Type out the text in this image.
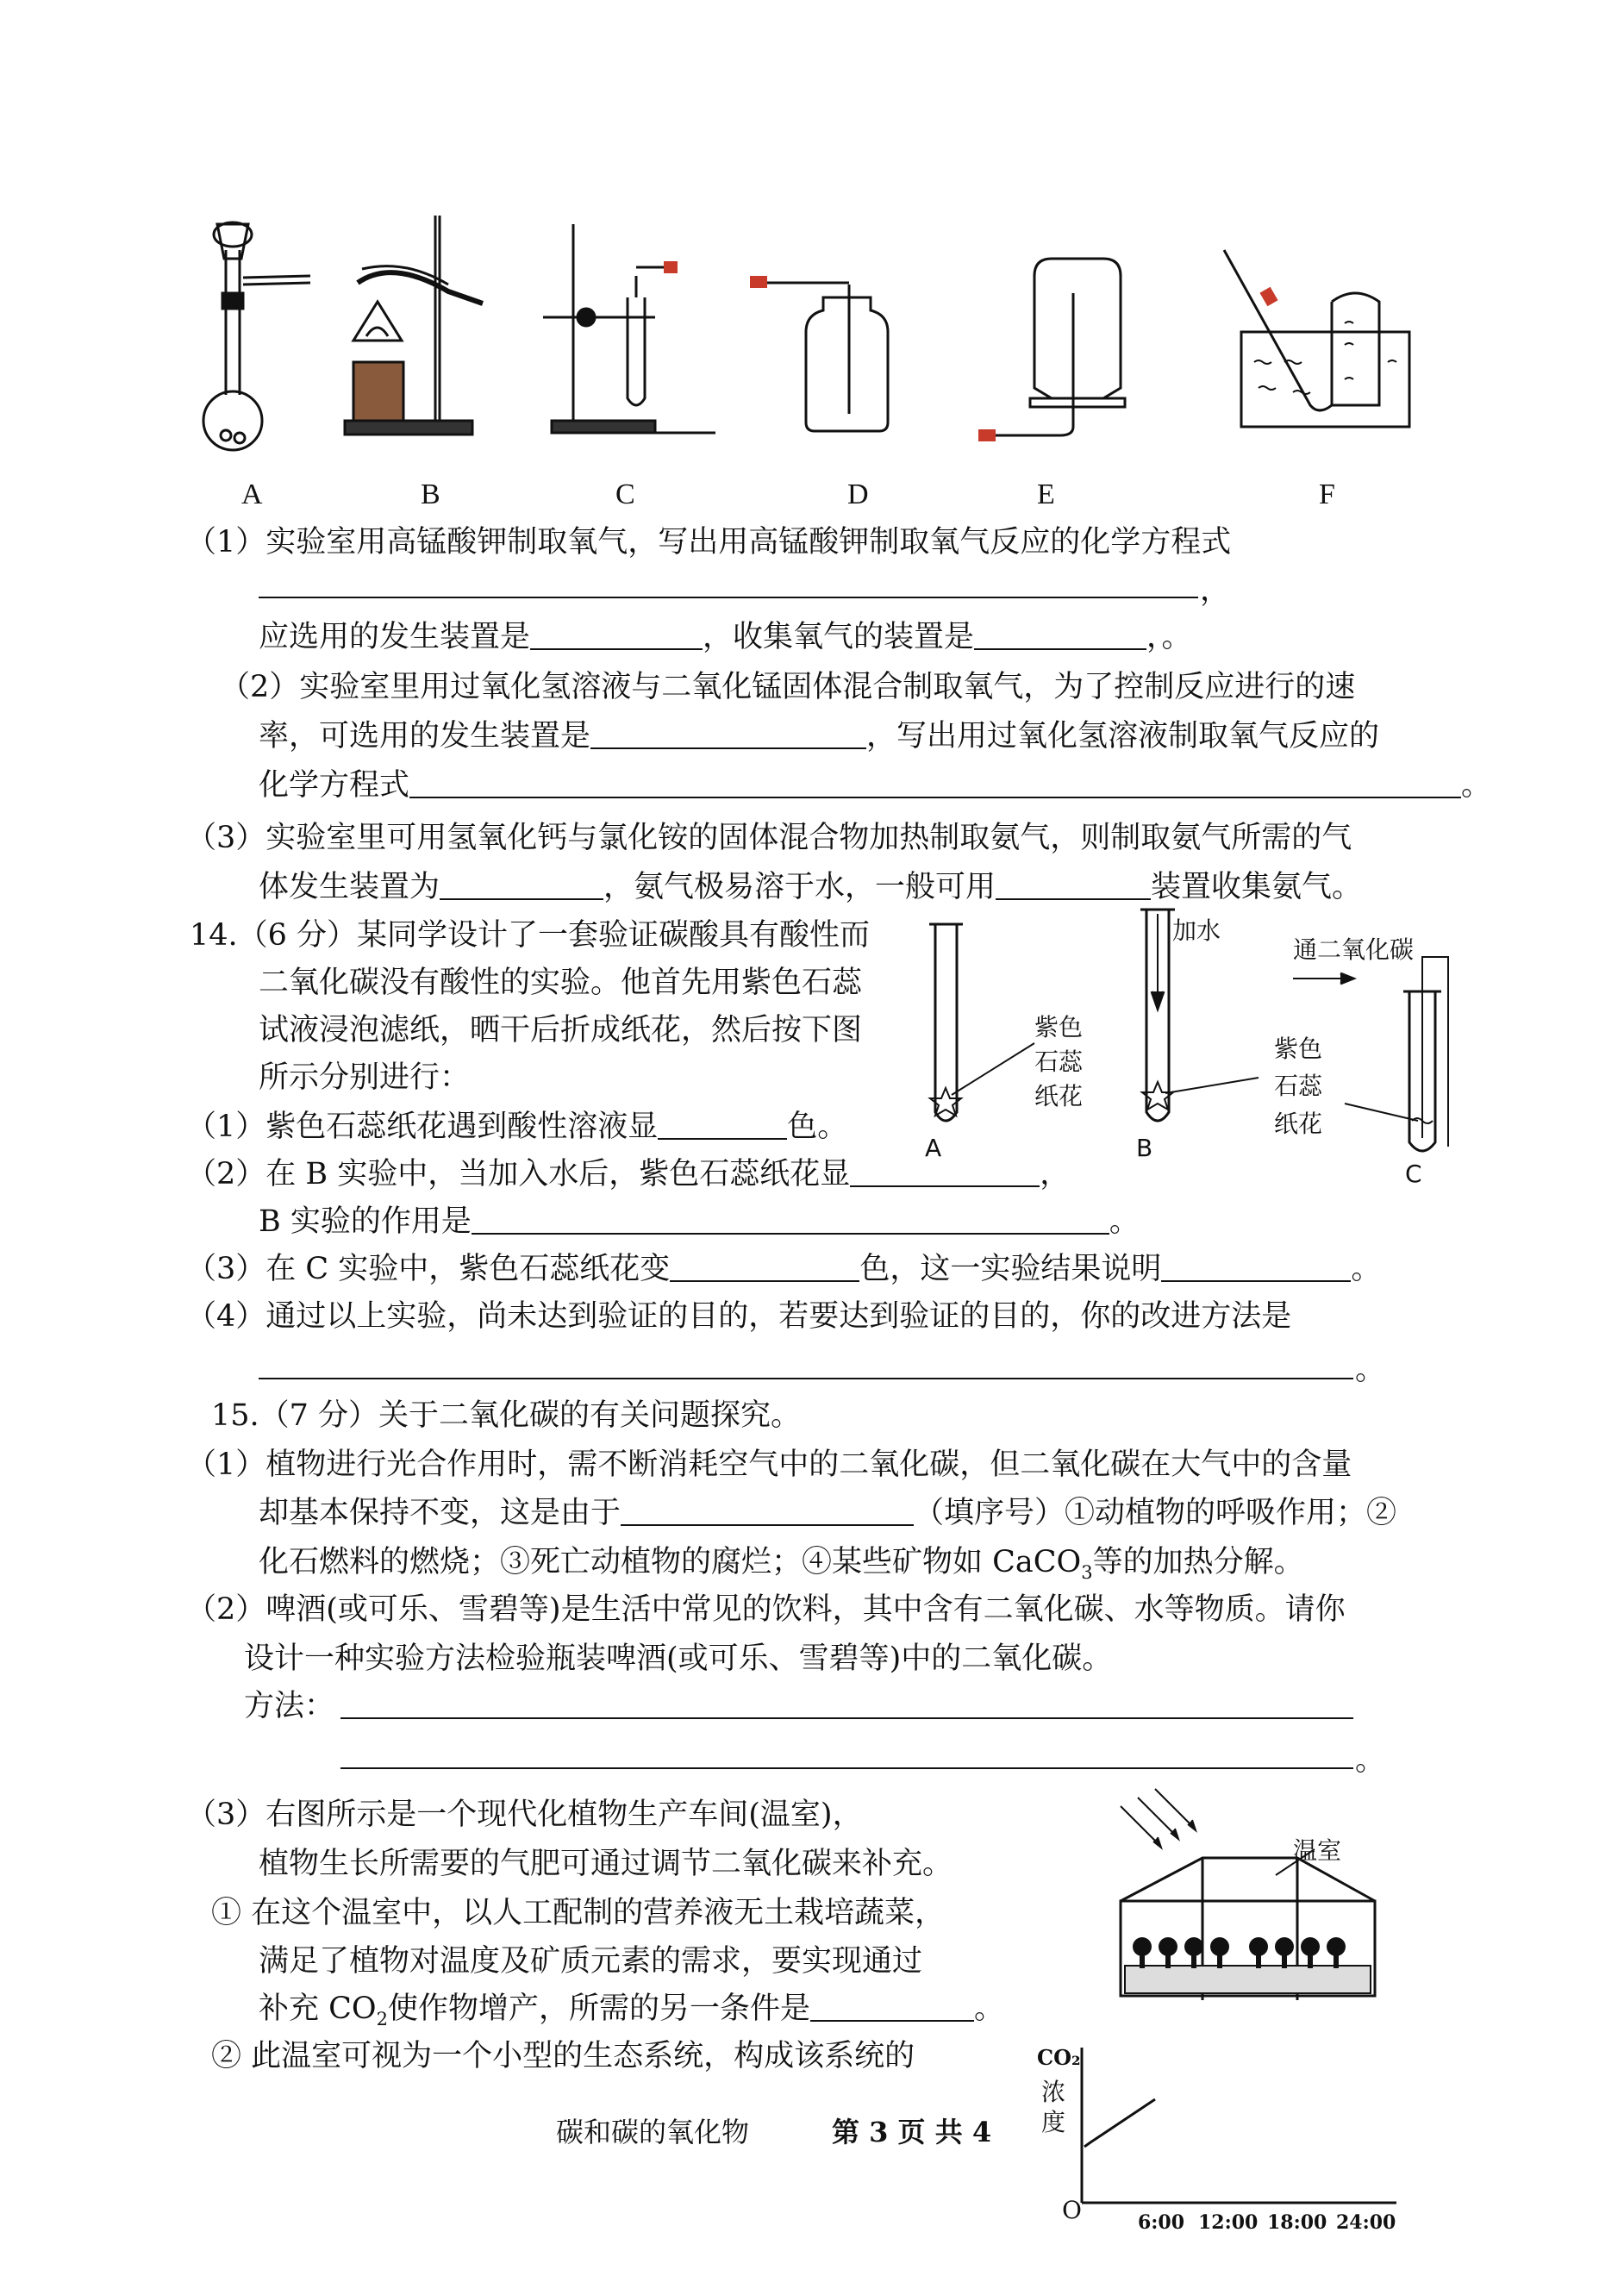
A	B	C	D	E	F
（1）实验室用高锰酸钾制取氧气，写出用高锰酸钾制取氧气反应的化学方程式
，
应选用的发生装置是	，收集氧气的装置是	，。
（2）实验室里用过氧化氢溶液与二氧化锰固体混合制取氧气，为了控制反应进行的速
率，可选用的发生装置是	，写出用过氧化氢溶液制取氧气反应的
化学方程式	。
（3）实验室里可用氢氧化钙与氯化铵的固体混合物加热制取氨气，则制取氨气所需的气
体发生装置为	，氨气极易溶于水，一般可用	装置收集氨气。
14.（6 分）某同学设计了一套验证碳酸具有酸性而
二氧化碳没有酸性的实验。他首先用紫色石蕊
试液浸泡滤纸，晒干后折成纸花，然后按下图
所示分别进行：
（1）紫色石蕊纸花遇到酸性溶液显	色。
（2）在 B 实验中，当加入水后，紫色石蕊纸花显	，
B 实验的作用是	。
（3）在 C 实验中，紫色石蕊纸花变	色，这一实验结果说明	。
（4）通过以上实验，尚未达到验证的目的，若要达到验证的目的，你的改进方法是
。
A	B
C
加水
通二氧化碳
紫色
石蕊
纸花
紫色
石蕊
纸花
15.（7 分）关于二氧化碳的有关问题探究。
（1）植物进行光合作用时，需不断消耗空气中的二氧化碳，但二氧化碳在大气中的含量
却基本保持不变，这是由于	（填序号）①动植物的呼吸作用；②
化石燃料的燃烧；③死亡动植物的腐烂；④某些矿物如 CaCO$_3$等的加热分解。
（2）啤酒(或可乐、雪碧等)是生活中常见的饮料，其中含有二氧化碳、水等物质。请你
设计一种实验方法检验瓶装啤酒(或可乐、雪碧等)中的二氧化碳。
方法：
。
（3）右图所示是一个现代化植物生产车间(温室)，
植物生长所需要的气肥可通过调节二氧化碳来补充。
① 在这个温室中，以人工配制的营养液无土栽培蔬菜，
满足了植物对温度及矿质元素的需求，要实现通过
补充 $CO_2$使作物增产，所需的另一条件是	。
② 此温室可视为一个小型的生态系统，构成该系统的
温室
CO₂
浓
度
O	6:00 12:00 18:00 24:00
碳和碳的氧化物	第 3 页 共 4
